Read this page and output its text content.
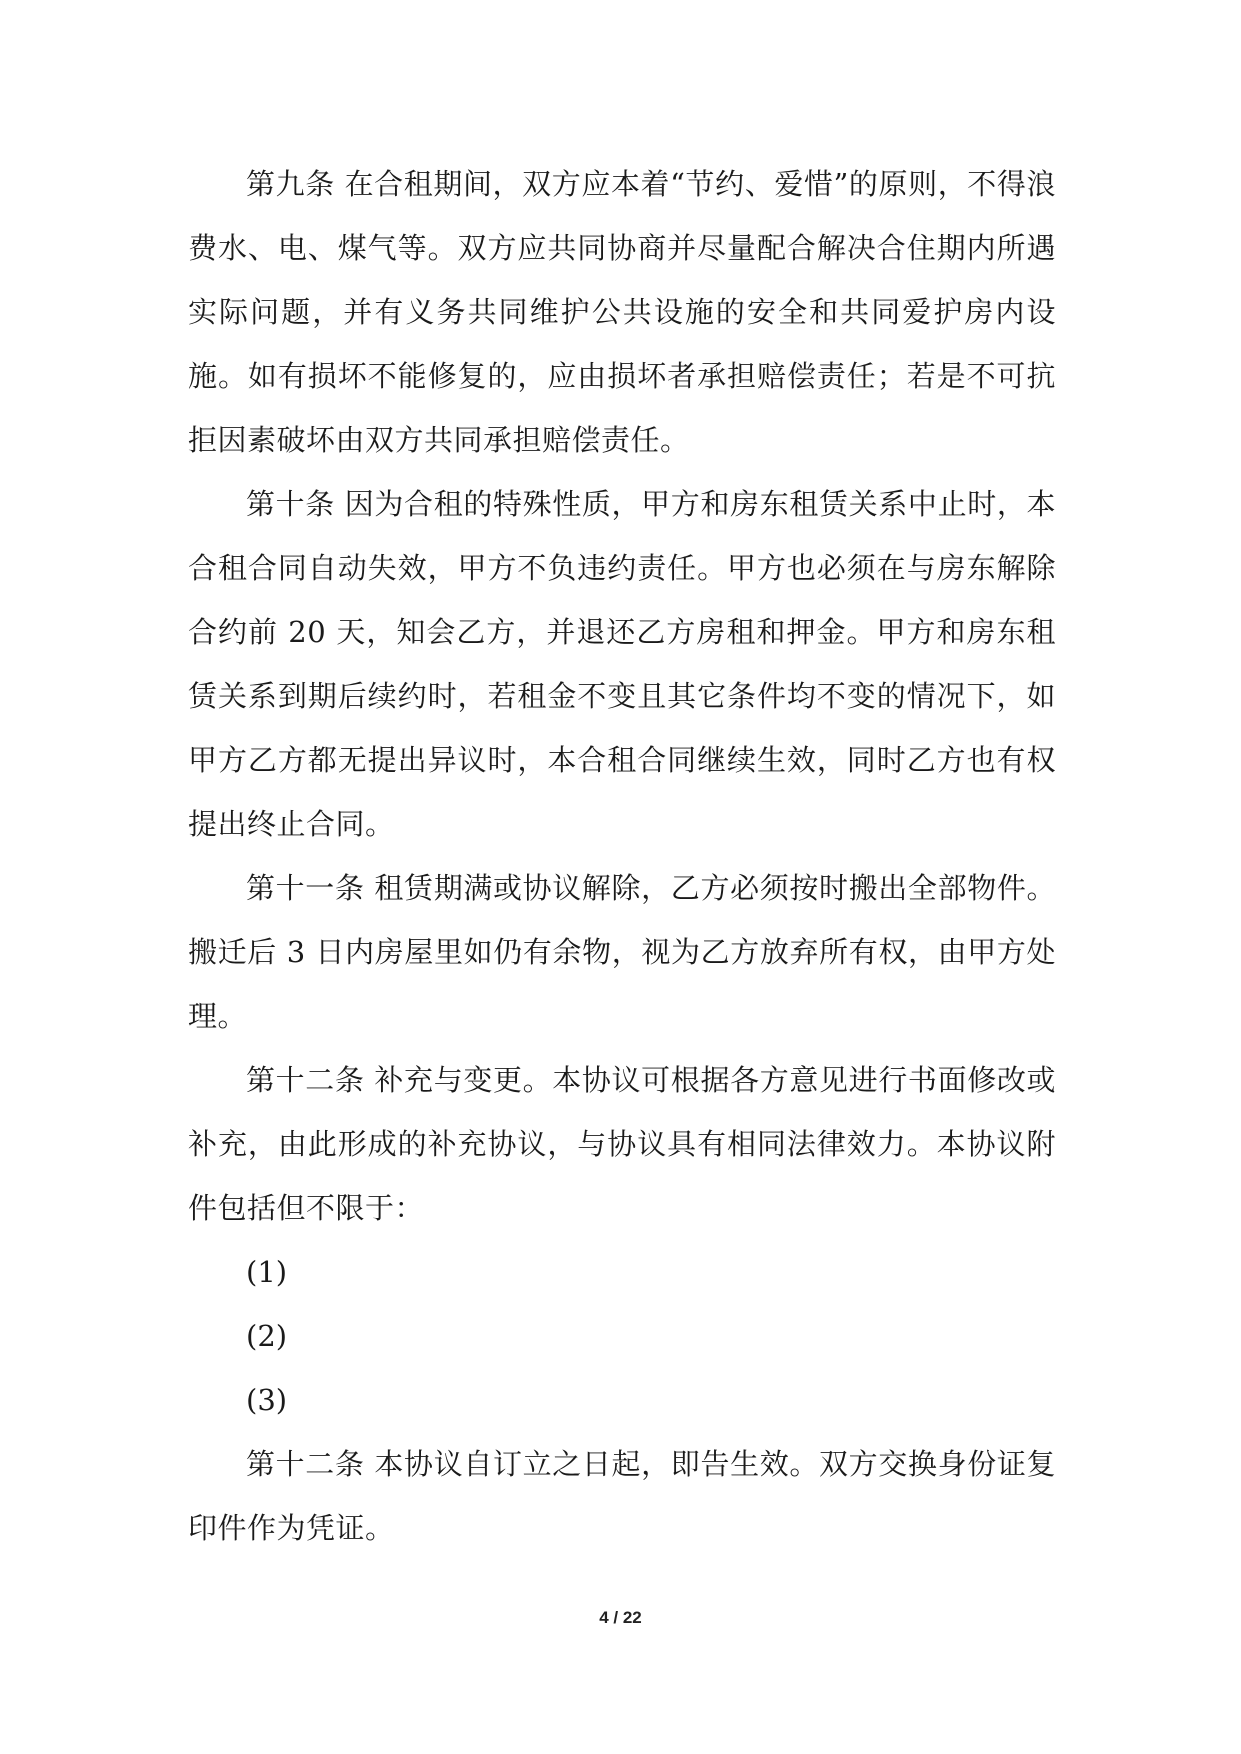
第九条 在合租期间，双方应本着“节约、爱惜”的原则，不得浪费水、电、煤气等。双方应共同协商并尽量配合解决合住期内所遇实际问题，并有义务共同维护公共设施的安全和共同爱护房内设施。如有损坏不能修复的，应由损坏者承担赔偿责任；若是不可抗拒因素破坏由双方共同承担赔偿责任。

第十条 因为合租的特殊性质，甲方和房东租赁关系中止时，本合租合同自动失效，甲方不负违约责任。甲方也必须在与房东解除合约前 20 天，知会乙方，并退还乙方房租和押金。甲方和房东租赁关系到期后续约时，若租金不变且其它条件均不变的情况下，如甲方乙方都无提出异议时，本合租合同继续生效，同时乙方也有权提出终止合同。

第十一条 租赁期满或协议解除，乙方必须按时搬出全部物件。搬迁后 3 日内房屋里如仍有余物，视为乙方放弃所有权，由甲方处理。

第十二条 补充与变更。本协议可根据各方意见进行书面修改或补充，由此形成的补充协议，与协议具有相同法律效力。本协议附件包括但不限于：

(1)

(2)

(3)

第十二条 本协议自订立之日起，即告生效。双方交换身份证复印件作为凭证。

4 / 22
